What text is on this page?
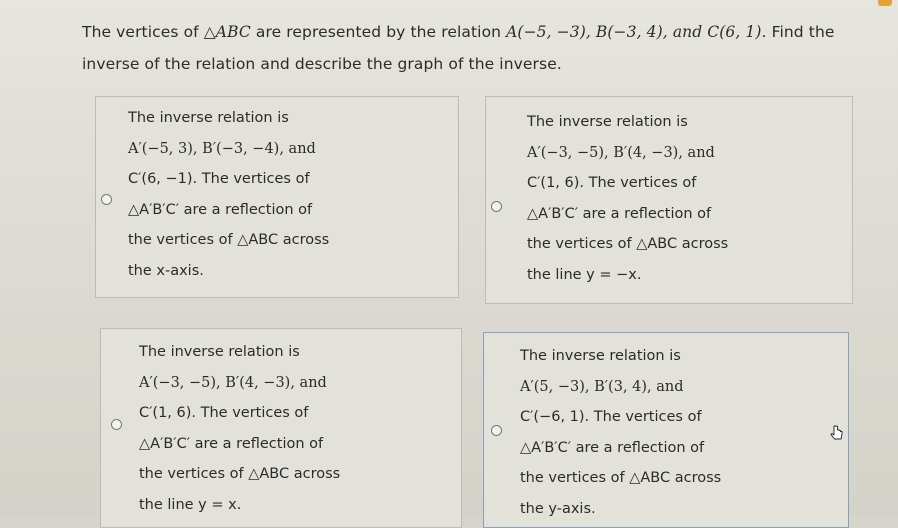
The vertices of △ABC are represented by the relation A(−5, −3), B(−3, 4), and C(6, 1). Find the
inverse of the relation and describe the graph of the inverse.
The inverse relation is
A′(−5, 3), B′(−3, −4), and
C′(6, −1). The vertices of
△A′B′C′ are a reflection of
the vertices of △ABC across
the x-axis.
The inverse relation is
A′(−3, −5), B′(4, −3), and
C′(1, 6). The vertices of
△A′B′C′ are a reflection of
the vertices of △ABC across
the line y = −x.
The inverse relation is
A′(−3, −5), B′(4, −3), and
C′(1, 6). The vertices of
△A′B′C′ are a reflection of
the vertices of △ABC across
the line y = x.
The inverse relation is
A′(5, −3), B′(3, 4), and
C′(−6, 1). The vertices of
△A′B′C′ are a reflection of
the vertices of △ABC across
the y-axis.
